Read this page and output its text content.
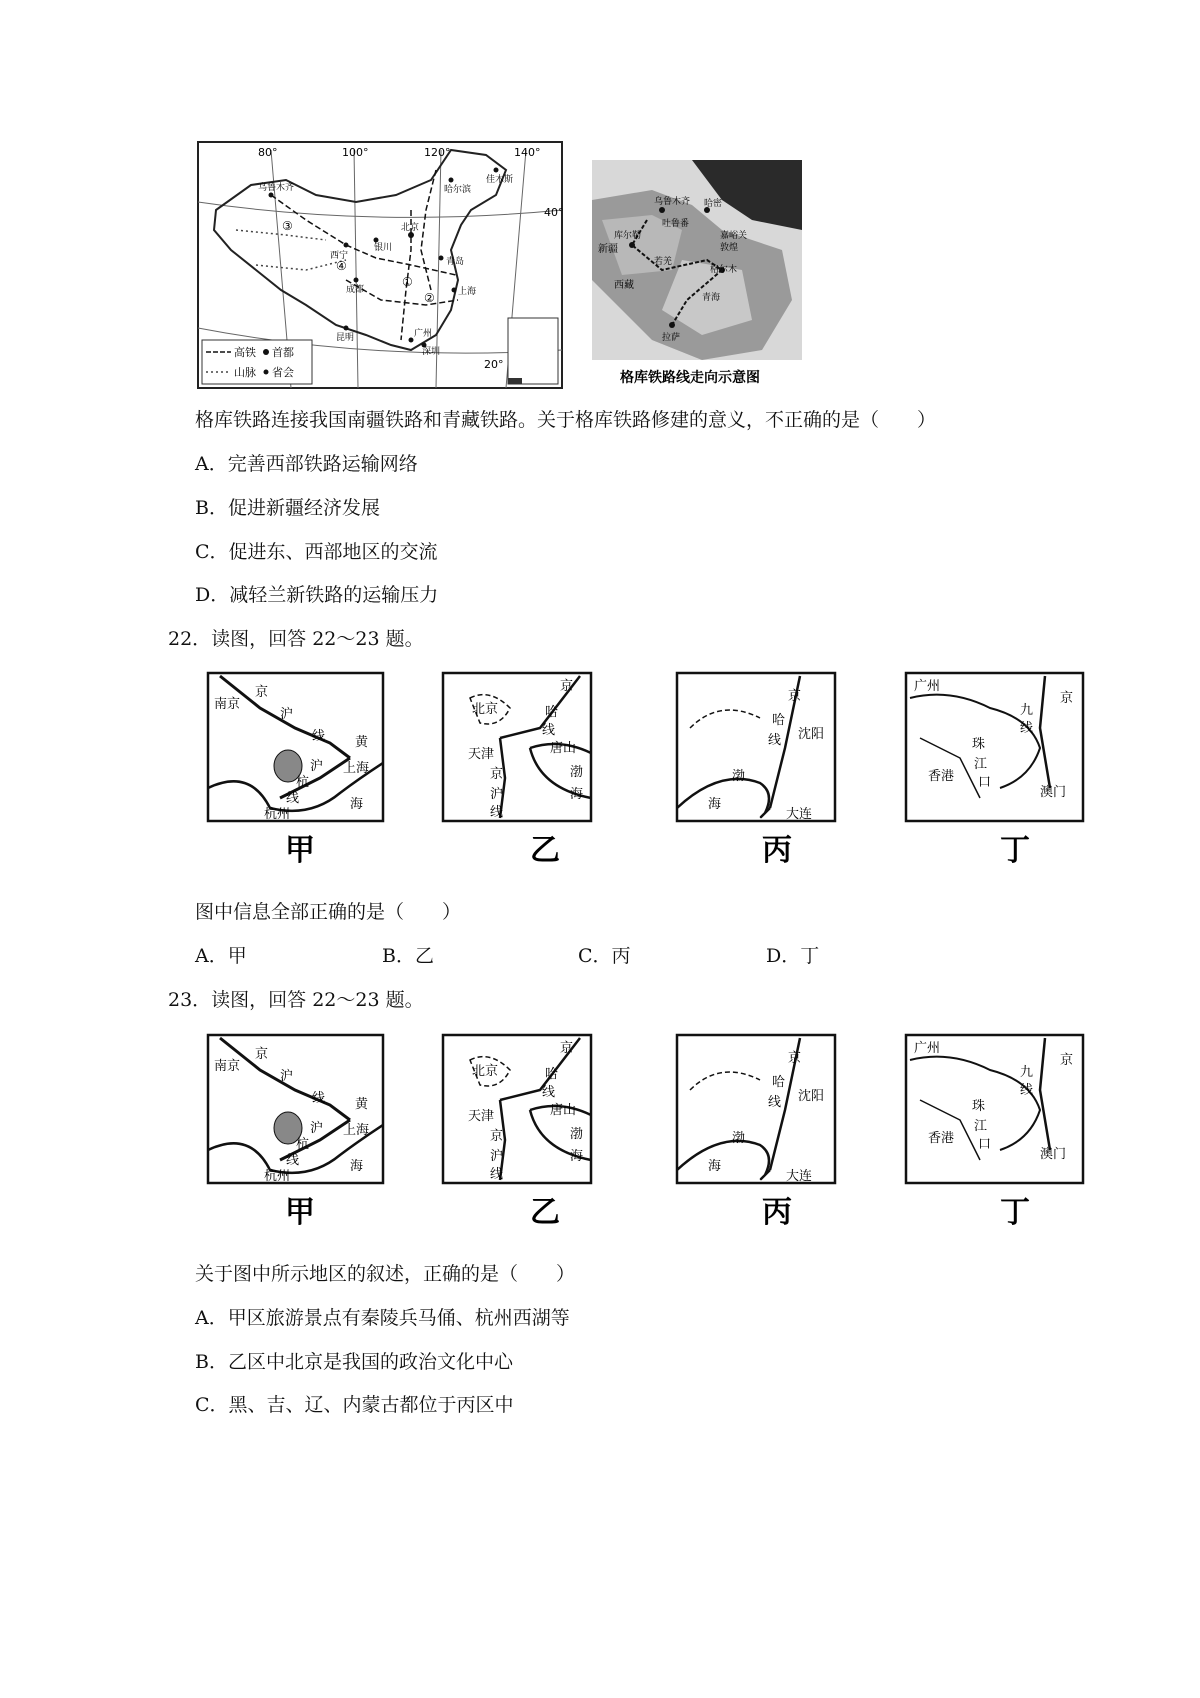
80°	100°	120°	140°
40°
20°
乌鲁木齐	哈尔滨
佳木斯
北京
西宁
银川
成都
青岛
上海
昆明	广州
深圳
③
④
①
②
高铁 首都
山脉 省会
乌鲁木齐
库尔勒
哈密
吐鲁番
新疆
若羌
格尔木
敦煌
嘉峪关
西藏
青海
拉萨
格库铁路线走向示意图
格库铁路连接我国南疆铁路和青藏铁路。关于格库铁路修建的意义，不正确的是（　　）
A．完善西部铁路运输网络
B．促进新疆经济发展
C．促进东、西部地区的交流
D．减轻兰新铁路的运输压力
22．读图，回答 22～23 题。
京
南京
沪
线 黄
沪
杭
线
上海
杭州
海
甲
京
北京	哈
线
唐山
天津
京
沪
线
渤
海
乙
京
哈
线 沈阳
渤
海
大连
丙
广州
九
京
线
珠
江
口
香港
澳门
丁
图中信息全部正确的是（　　）
A．甲	B．乙	C．丙	D．丁
23．读图，回答 22～23 题。
京
南京
沪
线 黄
沪
杭
线
上海
杭州
海
甲
京
北京	哈
线
唐山
天津
京
沪
线
渤
海
乙
京
哈
线 沈阳
渤
海
大连
丙
广州
九
京
线
珠
江
口
香港
澳门
丁
关于图中所示地区的叙述，正确的是（　　）
A．甲区旅游景点有秦陵兵马俑、杭州西湖等
B．乙区中北京是我国的政治文化中心
C．黑、吉、辽、内蒙古都位于丙区中
